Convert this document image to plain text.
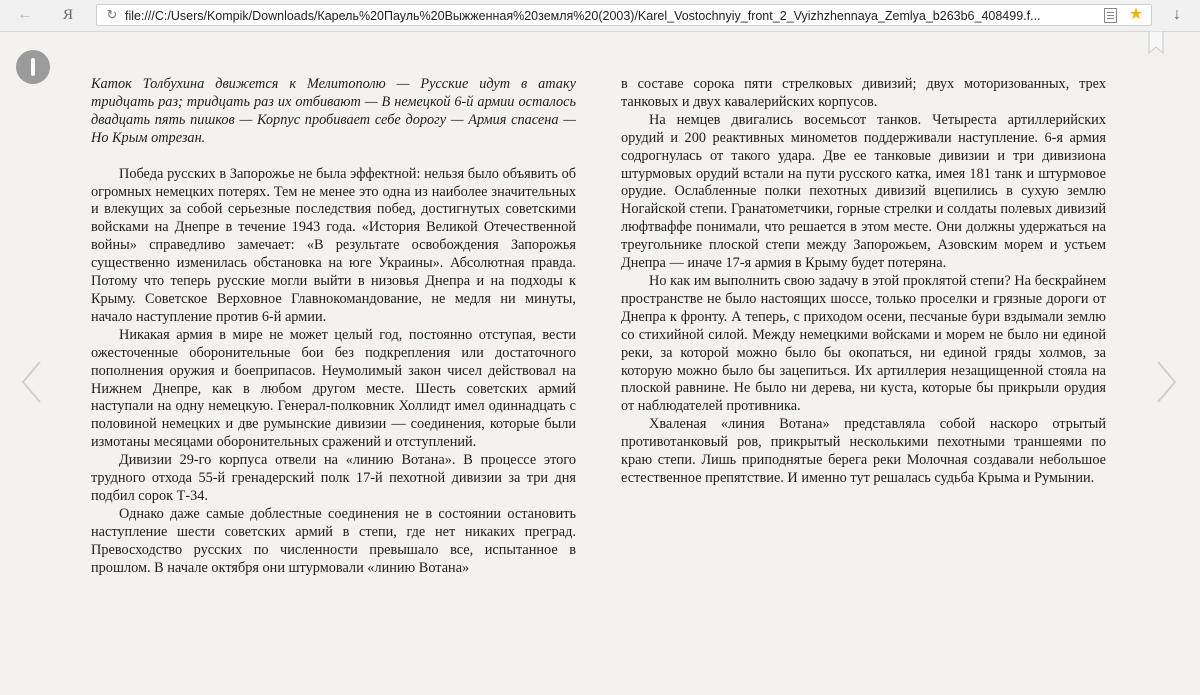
←	Я	↻ file:///C:/Users/Kompik/Downloads/Карель%20Пауль%20Выжженная%20земля%20(2003)/Karel_Vostochnyiy_front_2_Vyizhzhennaya_Zemlya_b263b6_408499.f...	★	↓

Каток Толбухина движется к Мелитополю — Русские идут в атаку тридцать раз; тридцать раз их отбивают — В немецкой 6-й армии осталось двадцать пять пишков — Корпус пробивает себе дорогу — Армия спасена — Но Крым отрезан.

Победа русских в Запорожье не была эффектной: нельзя было объявить об огромных немецких потерях. Тем не менее это одна из наиболее значительных и влекущих за собой серьезные последствия побед, достигнутых советскими войсками на Днепре в течение 1943 года. «История Великой Отечественной войны» справедливо замечает: «В результате освобождения Запорожья существенно изменилась обстановка на юге Украины». Абсолютная правда. Потому что теперь русские могли выйти в низовья Днепра и на подходы к Крыму. Советское Верховное Главнокомандование, не медля ни минуты, начало наступление против 6-й армии.

Никакая армия в мире не может целый год, постоянно отступая, вести ожесточенные оборонительные бои без подкрепления или достаточного пополнения оружия и боеприпасов. Неумолимый закон чисел действовал на Нижнем Днепре, как в любом другом месте. Шесть советских армий наступали на одну немецкую. Генерал-полковник Холлидт имел одиннадцать с половиной немецких и две румынские дивизии — соединения, которые были измотаны месяцами оборонительных сражений и отступлений.

Дивизии 29-го корпуса отвели на «линию Вотана». В процессе этого трудного отхода 55-й гренадерский полк 17-й пехотной дивизии за три дня подбил сорок Т-34.

Однако даже самые доблестные соединения не в состоянии остановить наступление шести советских армий в степи, где нет никаких преград. Превосходство русских по численности превышало все, испытанное в прошлом. В начале октября они штурмовали «линию Вотана»

в составе сорока пяти стрелковых дивизий; двух моторизованных, трех танковых и двух кавалерийских корпусов.

На немцев двигались восемьсот танков. Четыреста артиллерийских орудий и 200 реактивных минометов поддерживали наступление. 6-я армия содрогнулась от такого удара. Две ее танковые дивизии и три дивизиона штурмовых орудий встали на пути русского катка, имея 181 танк и штурмовое орудие. Ослабленные полки пехотных дивизий вцепились в сухую землю Ногайской степи. Гранатометчики, горные стрелки и солдаты полевых дивизий люфтваффе понимали, что решается в этом месте. Они должны удержаться на треугольнике плоской степи между Запорожьем, Азовским морем и устьем Днепра — иначе 17-я армия в Крыму будет потеряна.

Но как им выполнить свою задачу в этой проклятой степи? На бескрайнем пространстве не было настоящих шоссе, только проселки и грязные дороги от Днепра к фронту. А теперь, с приходом осени, песчаные бури вздымали землю со стихийной силой. Между немецкими войсками и морем не было ни единой реки, за которой можно было бы окопаться, ни единой гряды холмов, за которую можно было бы зацепиться. Их артиллерия незащищенной стояла на плоской равнине. Не было ни дерева, ни куста, которые бы прикрыли орудия от наблюдателей противника.

Хваленая «линия Вотана» представляла собой наскоро отрытый противотанковый ров, прикрытый несколькими пехотными траншеями по краю степи. Лишь приподнятые берега реки Молочная создавали небольшое естественное препятствие. И именно тут решалась судьба Крыма и Румынии.
